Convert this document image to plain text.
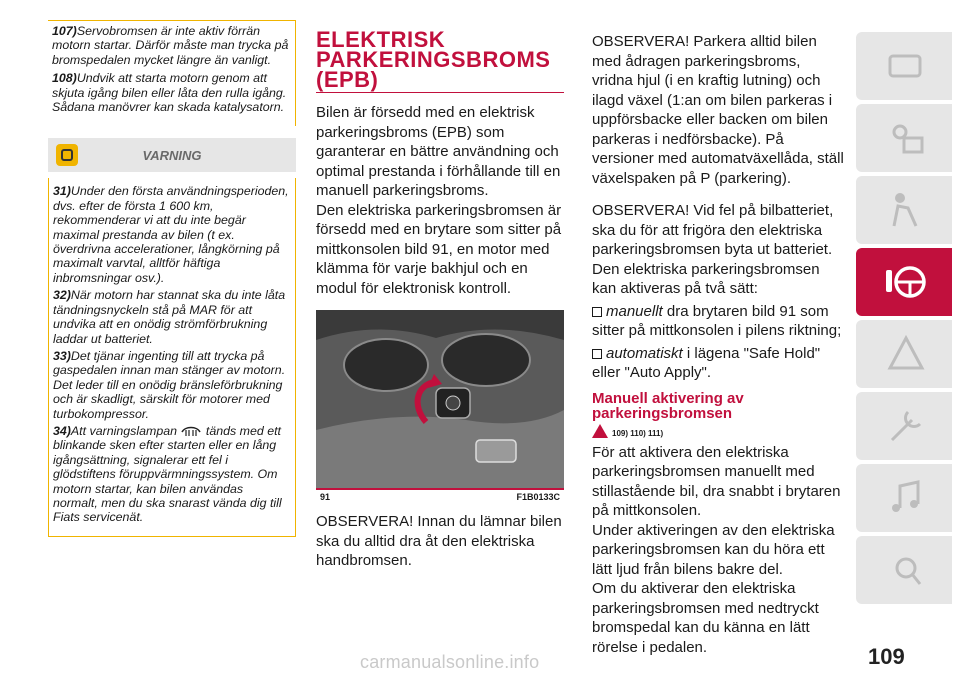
107)Servobromsen är inte aktiv förrän motorn startar. Därför måste man trycka på bromspedalen mycket längre än vanligt.

108)Undvik att starta motorn genom att skjuta igång bilen eller låta den rulla igång. Sådana manövrer kan skada katalysatorn.

VARNING

31)Under den första användningsperioden, dvs. efter de första 1 600 km, rekommenderar vi att du inte begär maximal prestanda av bilen (t ex. överdrivna accelerationer, långkörning på maximalt varvtal, alltför häftiga inbromsningar osv.).

32)När motorn har stannat ska du inte låta tändningsnyckeln stå på MAR för att undvika att en onödig strömförbrukning laddar ut batteriet.

33)Det tjänar ingenting till att trycka på gaspedalen innan man stänger av motorn. Det leder till en onödig bränsleförbrukning och är skadligt, särskilt för motorer med turbokompressor.

34)Att varningslampan tänds med ett blinkande sken efter starten eller en lång igångsättning, signalerar ett fel i glödstiftens föruppvärmningssystem. Om motorn startar, kan bilen användas normalt, men du ska snarast vända dig till Fiats servicenät.

ELEKTRISK PARKERINGSBROMS (EPB)

Bilen är försedd med en elektrisk parkeringsbroms (EPB) som garanterar en bättre användning och optimal prestanda i förhållande till en manuell parkeringsbroms.

Den elektriska parkeringsbromsen är försedd med en brytare som sitter på mittkonsolen bild 91, en motor med klämma för varje bakhjul och en modul för elektronisk kontroll.

91	F1B0133C

OBSERVERA! Innan du lämnar bilen ska du alltid dra åt den elektriska handbromsen.

OBSERVERA! Parkera alltid bilen med ådragen parkeringsbroms, vridna hjul (i en kraftig lutning) och ilagd växel (1:an om bilen parkeras i uppförsbacke eller backen om bilen parkeras i nedförsbacke). På versioner med automatväxellåda, ställ växelspaken på P (parkering).

OBSERVERA! Vid fel på bilbatteriet, ska du för att frigöra den elektriska parkeringsbromsen byta ut batteriet. Den elektriska parkeringsbromsen kan aktiveras på två sätt:

manuellt dra brytaren bild 91 som sitter på mittkonsolen i pilens riktning;

automatiskt i lägena "Safe Hold" eller "Auto Apply".

Manuell aktivering av parkeringsbromsen
109) 110) 111)

För att aktivera den elektriska parkeringsbromsen manuellt med stillastående bil, dra snabbt i brytaren på mittkonsolen.

Under aktiveringen av den elektriska parkeringsbromsen kan du höra ett lätt ljud från bilens bakre del.

Om du aktiverar den elektriska parkeringsbromsen med nedtryckt bromspedal kan du känna en lätt rörelse i pedalen.	109
carmanualsonline.info
